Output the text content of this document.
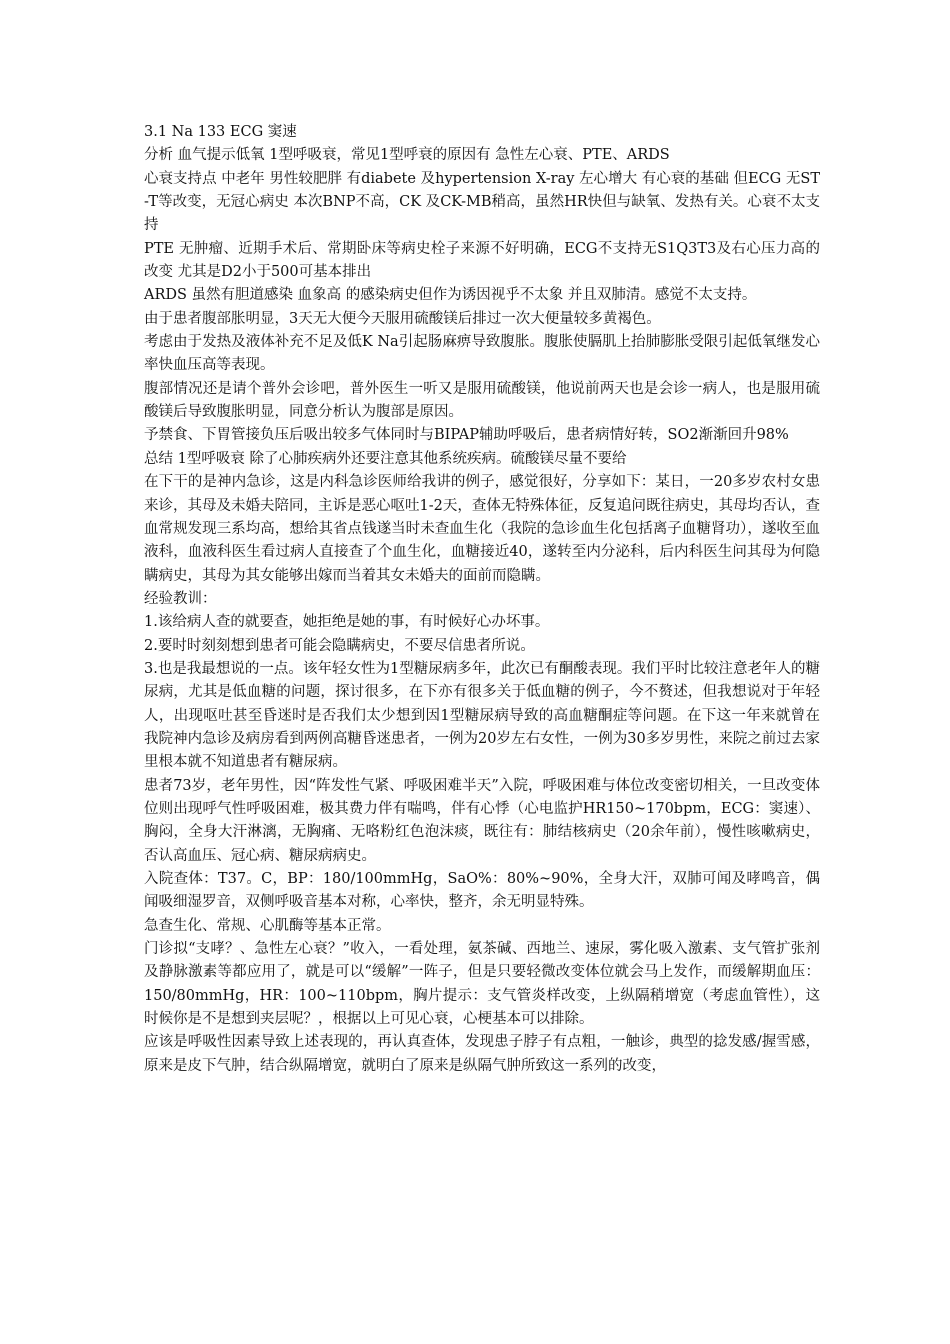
3.1 Na 133 ECG 窦速

分析 血气提示低氧 1型呼吸衰，常见1型呼衰的原因有 急性左心衰、PTE、ARDS

心衰支持点 中老年 男性较肥胖 有diabete 及hypertension X-ray 左心增大 有心衰的基础 但ECG 无ST-T等改变，无冠心病史 本次BNP不高，CK 及CK-MB稍高，虽然HR快但与缺氧、发热有关。心衰不太支持

PTE 无肿瘤、近期手术后、常期卧床等病史栓子来源不好明确，ECG不支持无S1Q3T3及右心压力高的改变 尤其是D2小于500可基本排出

ARDS 虽然有胆道感染 血象高 的感染病史但作为诱因视乎不太象 并且双肺清。感觉不太支持。

由于患者腹部胀明显，3天无大便今天服用硫酸镁后排过一次大便量较多黄褐色。

考虑由于发热及液体补充不足及低K Na引起肠麻痹导致腹胀。腹胀使膈肌上抬肺膨胀受限引起低氧继发心率快血压高等表现。

腹部情况还是请个普外会诊吧，普外医生一听又是服用硫酸镁，他说前两天也是会诊一病人，也是服用硫酸镁后导致腹胀明显，同意分析认为腹部是原因。

予禁食、下胃管接负压后吸出较多气体同时与BIPAP辅助呼吸后，患者病情好转，SO2渐渐回升98%

总结 1型呼吸衰 除了心肺疾病外还要注意其他系统疾病。硫酸镁尽量不要给

在下干的是神内急诊，这是内科急诊医师给我讲的例子，感觉很好，分享如下：某日，一20多岁农村女患来诊，其母及未婚夫陪同，主诉是恶心呕吐1-2天，查体无特殊体征，反复追问既往病史，其母均否认，查血常规发现三系均高，想给其省点钱遂当时未查血生化（我院的急诊血生化包括离子血糖肾功），遂收至血液科，血液科医生看过病人直接查了个血生化，血糖接近40，遂转至内分泌科，后内科医生问其母为何隐瞒病史，其母为其女能够出嫁而当着其女未婚夫的面前而隐瞒。

经验教训：

1.该给病人查的就要查，她拒绝是她的事，有时候好心办坏事。

2.要时时刻刻想到患者可能会隐瞒病史，不要尽信患者所说。

3.也是我最想说的一点。该年轻女性为1型糖尿病多年，此次已有酮酸表现。我们平时比较注意老年人的糖尿病，尤其是低血糖的问题，探讨很多，在下亦有很多关于低血糖的例子，今不赘述，但我想说对于年轻人，出现呕吐甚至昏迷时是否我们太少想到因1型糖尿病导致的高血糖酮症等问题。在下这一年来就曾在我院神内急诊及病房看到两例高糖昏迷患者，一例为20岁左右女性，一例为30多岁男性，来院之前过去家里根本就不知道患者有糖尿病。

患者73岁，老年男性，因“阵发性气紧、呼吸困难半天”入院，呼吸困难与体位改变密切相关，一旦改变体位则出现呼气性呼吸困难，极其费力伴有喘鸣，伴有心悸（心电监护HR150~170bpm，ECG：窦速）、胸闷，全身大汗淋漓，无胸痛、无咯粉红色泡沫痰，既往有：肺结核病史（20余年前），慢性咳嗽病史，否认高血压、冠心病、糖尿病病史。

入院查体：T37。C，BP：180/100mmHg，SaO%：80%~90%，全身大汗，双肺可闻及哮鸣音，偶闻吸细湿罗音，双侧呼吸音基本对称，心率快，整齐，余无明显特殊。

急查生化、常规、心肌酶等基本正常。

门诊拟“支哮？、急性左心衰？”收入，一看处理，氨茶碱、西地兰、速尿，雾化吸入激素、支气管扩张剂及静脉激素等都应用了，就是可以“缓解”一阵子，但是只要轻微改变体位就会马上发作，而缓解期血压：150/80mmHg，HR：100~110bpm，胸片提示：支气管炎样改变，上纵隔稍增宽（考虑血管性），这时候你是不是想到夹层呢？，根据以上可见心衰，心梗基本可以排除。

应该是呼吸性因素导致上述表现的，再认真查体，发现患子脖子有点粗，一触诊，典型的捻发感/握雪感，原来是皮下气肿，结合纵隔增宽，就明白了原来是纵隔气肿所致这一系列的改变，
